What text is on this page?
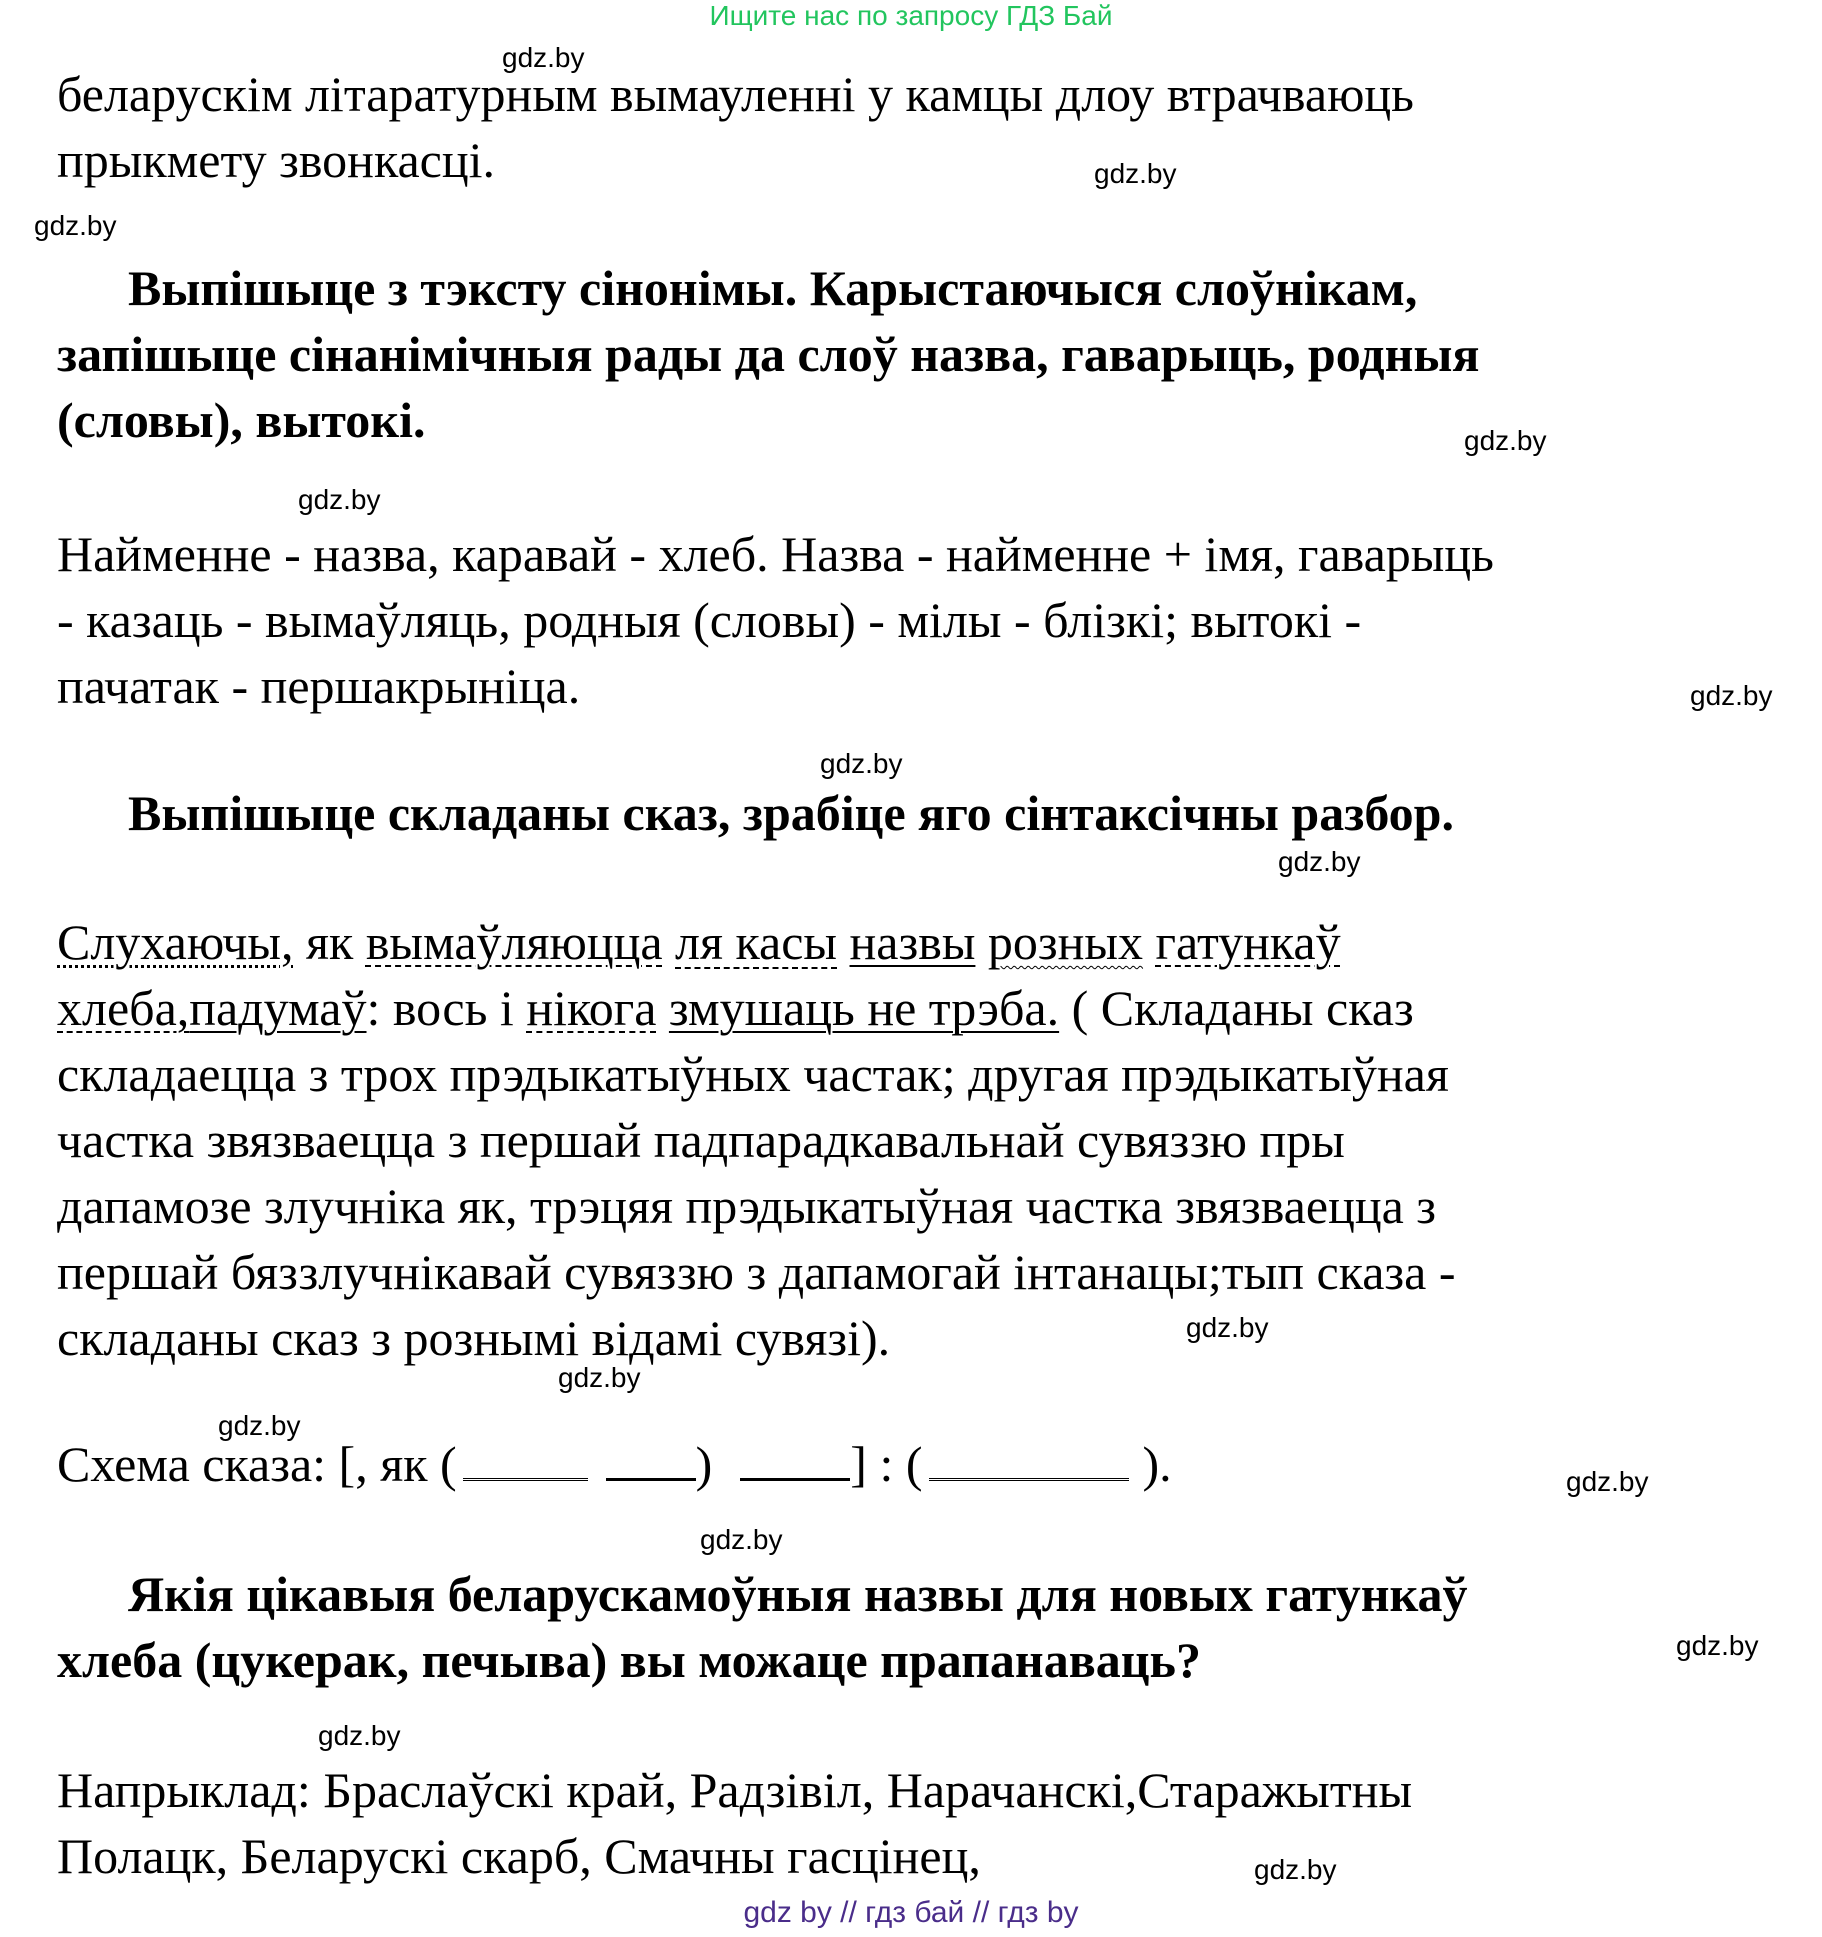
Ищите нас по запросу ГДЗ Бай
беларускім літаратурным вымауленні у камцы длоу втрачваюць
прыкмету звонкасці.
Выпішыце з тэксту сінонімы. Карыстаючыся слоўнікам,
запішыце сінанімічныя рады да слоў назва, гаварыць, родныя
(словы), вытокі.
Найменне - назва, каравай - хлеб. Назва - найменне + імя, гаварыць
- казаць - вымаўляць, родныя (словы) - мілы - блізкі; вытокі -
пачатак - першакрыніца.
Выпішыце складаны сказ, зрабіце яго сінтаксічны разбор.
Слухаючы, як вымаўляюцца ля касы назвы розных гатункаў
хлеба,падумаў: вось і нікога змушаць не трэба. ( Складаны сказ
складаецца з трох прэдыкатыўных частак; другая прэдыкатыўная
частка звязваецца з першай падпарадкавальнай сувяззю пры
дапамозе злучніка як, трэцяя прэдыкатыўная частка звязваецца з
першай бяззлучнікавай сувяззю з дапамогай інтанацы;тып сказа -
складаны сказ з рознымі відамі сувязі).
Схема сказа: [, як (	)	] : (	).
Якія цікавыя беларускамоўныя назвы для новых гатункаў
хлеба (цукерак, печыва) вы можаце прапанаваць?
Напрыклад: Браслаўскі край, Радзівіл, Нарачанскі,Старажытны
Полацк, Беларускі скарб, Смачны гасцінец,
gdz.by
gdz.by
gdz.by
gdz.by
gdz.by
gdz.by
gdz.by
gdz.by
gdz.by
gdz.by
gdz.by
gdz.by
gdz.by
gdz.by
gdz.by
gdz.by
gdz by // гдз бай // гдз by
